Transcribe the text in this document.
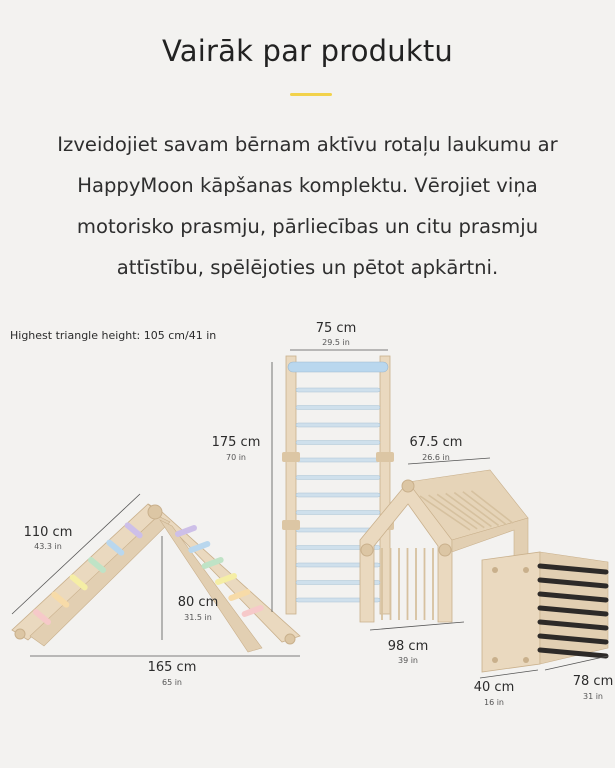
Vairāk par produktu
Izveidojiet savam bērnam aktīvu rotaļu laukumu ar
HappyMoon kāpšanas komplektu. Vērojiet viņa
motorisko prasmju, pārliecības un citu prasmju
attīstību, spēlējoties un pētot apkārtni.
Highest triangle height: 105 cm/41 in	75 cm
29.5 in
175 cm
70 in
67.5 cm
26.6 in
110 cm
43.3 in
80 cm
31.5 in
165 cm
65 in
98 cm
39 in
40 cm
16 in
78 cm
31 in
